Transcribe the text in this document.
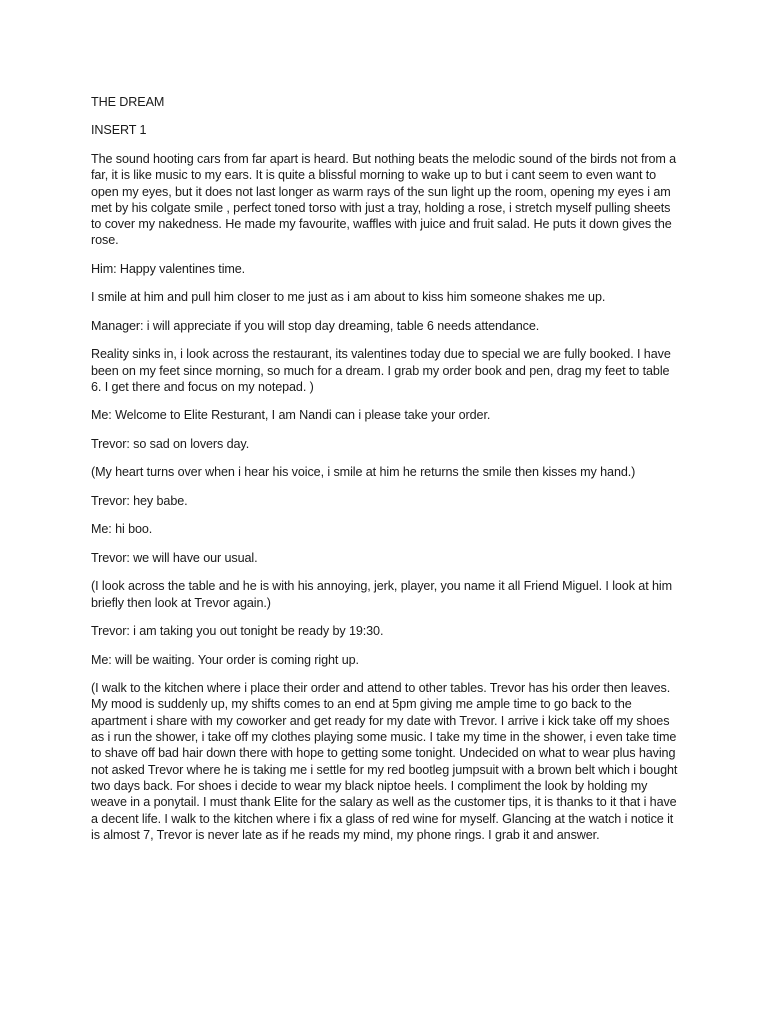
THE DREAM

INSERT 1

The sound hooting cars from far apart is heard. But nothing beats the melodic sound of the birds not from a far, it is like music to my ears. It is quite a blissful morning to wake up to but i cant seem to even want to open my eyes, but it does not last longer as warm rays of the sun light up the room, opening my eyes i am met by his colgate smile , perfect toned torso with just a tray, holding a rose, i stretch myself pulling sheets to cover my nakedness. He made my favourite, waffles with juice and fruit salad. He puts it down gives the rose.

Him: Happy valentines time.

I smile at him and pull him closer to me just as i am about to kiss him someone shakes me up.

Manager: i will appreciate if you will stop day dreaming, table 6 needs attendance.

Reality sinks in, i look across the restaurant, its valentines today due to special we are fully booked. I have been on my feet since morning, so much for a dream. I grab my order book and pen, drag my feet to table 6. I get there and focus on my notepad. )

Me: Welcome to Elite Resturant, I am Nandi can i please take your order.

Trevor: so sad on lovers day.

(My heart turns over when i hear his voice, i smile at him he returns the smile then kisses my hand.)

Trevor: hey babe.

Me: hi boo.

Trevor: we will have our usual.

(I look across the table and he is with his annoying, jerk, player, you name it all Friend Miguel. I look at him briefly then look at Trevor again.)

Trevor: i am taking you out tonight be ready by 19:30.

Me: will be waiting. Your order is coming right up.

(I walk to the kitchen where i place their order and attend to other tables. Trevor has his order then leaves. My mood is suddenly up, my shifts comes to an end at 5pm giving me ample time to go back to the apartment i share with my coworker and get ready for my date with Trevor. I arrive i kick take off my shoes as i run the shower, i take off my clothes playing some music. I take my time in the shower, i even take time to shave off bad hair down there with hope to getting some tonight. Undecided on what to wear plus having not asked Trevor where he is taking me i settle for my red bootleg jumpsuit with a brown belt which i bought two days back. For shoes i decide to wear my black niptoe heels. I compliment the look by holding my weave in a ponytail. I must thank Elite for the salary as well as the customer tips, it is thanks to it that i have a decent life. I walk to the kitchen where i fix a glass of red wine for myself. Glancing at the watch i notice it is almost 7, Trevor is never late as if he reads my mind, my phone rings. I grab it and answer.
